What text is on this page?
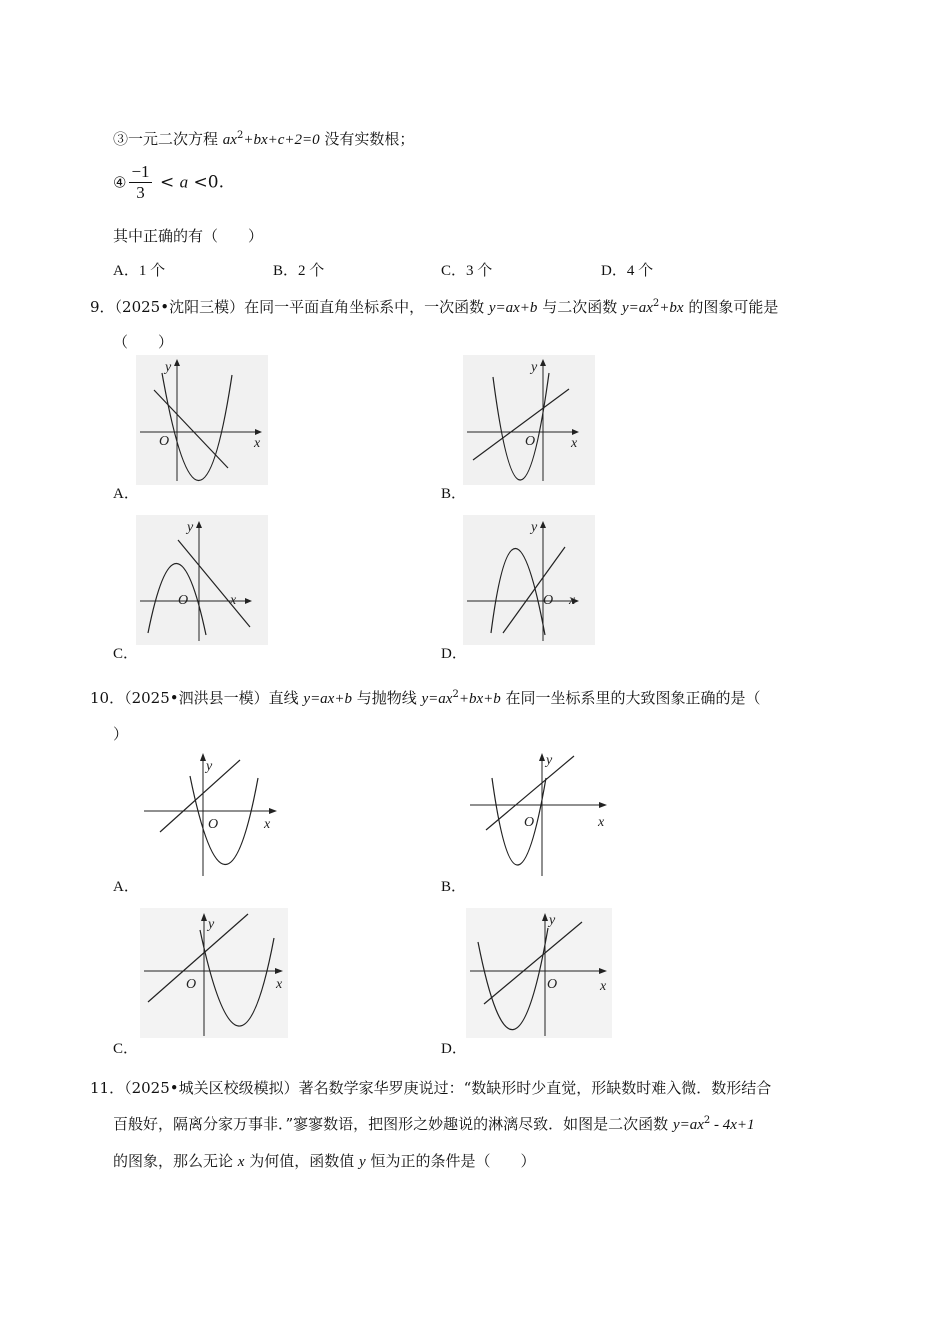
③一元二次方程 $ax^2+bx+c+2=0$ 没有实数根；
④ $\frac{-1}{3} < a <0$.
其中正确的有（　　）
A．1 个	B．2 个	C．3 个	D．4 个
9．（2025•沈阳三模）在同一平面直角坐标系中，一次函数 y=ax+b 与二次函数 $y=ax^2+bx$ 的图象可能是
（　　）
x
y
O
A．
x
y
O
B．
x
y
O
C．
x
y
O
D．
10．（2025•泗洪县一模）直线 y=ax+b 与抛物线 $y=ax^2+bx+b$ 在同一坐标系里的大致图象正确的是（
）
x
y
O
A．
x
y
O
B．
x
y
O
C．
x
y
O
D．
11．（2025•城关区校级模拟）著名数学家华罗庚说过：“数缺形时少直觉，形缺数时难入微．数形结合
百般好，隔离分家万事非．”寥寥数语，把图形之妙趣说的淋漓尽致．如图是二次函数 $y=ax^2 - 4x+1$
的图象，那么无论 x 为何值，函数值 y 恒为正的条件是（　　）
